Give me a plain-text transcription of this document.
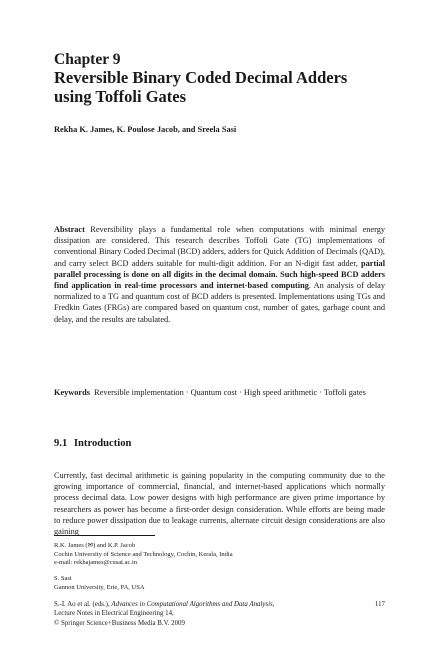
Chapter 9
Reversible Binary Coded Decimal Adders
using Toffoli Gates
Rekha K. James, K. Poulose Jacob, and Sreela Sasi
Abstract Reversibility plays a fundamental role when computations with minimal energy dissipation are considered. This research describes Toffoli Gate (TG) implementations of conventional Binary Coded Decimal (BCD) adders, adders for Quick Addition of Decimals (QAD), and carry select BCD adders suitable for multi-digit addition. For an N-digit fast adder, partial parallel processing is done on all digits in the decimal domain. Such high-speed BCD adders find application in real-time processors and internet-based computing. An analysis of delay normalized to a TG and quantum cost of BCD adders is presented. Implementations using TGs and Fredkin Gates (FRGs) are compared based on quantum cost, number of gates, garbage count and delay, and the results are tabulated.
Keywords  Reversible implementation · Quantum cost · High speed arithmetic · Toffoli gates
9.1 Introduction
Currently, fast decimal arithmetic is gaining popularity in the computing community due to the growing importance of commercial, financial, and internet-based applications which normally process decimal data. Low power designs with high performance are given prime importance by researchers as power has become a first-order design consideration. While efforts are being made to reduce power dissipation due to leakage currents, alternate circuit design considerations are also gaining
R.K. James (✉) and K.P. Jacob
Cochin University of Science and Technology, Cochin, Kerala, India
e-mail: rekhajames@cusat.ac.in
S. Sasi
Gannon University, Erie, PA, USA
S.-I. Ao et al. (eds.), Advances in Computational Algorithms and Data Analysis,
Lecture Notes in Electrical Engineering 14,
© Springer Science+Business Media B.V. 2009
117
